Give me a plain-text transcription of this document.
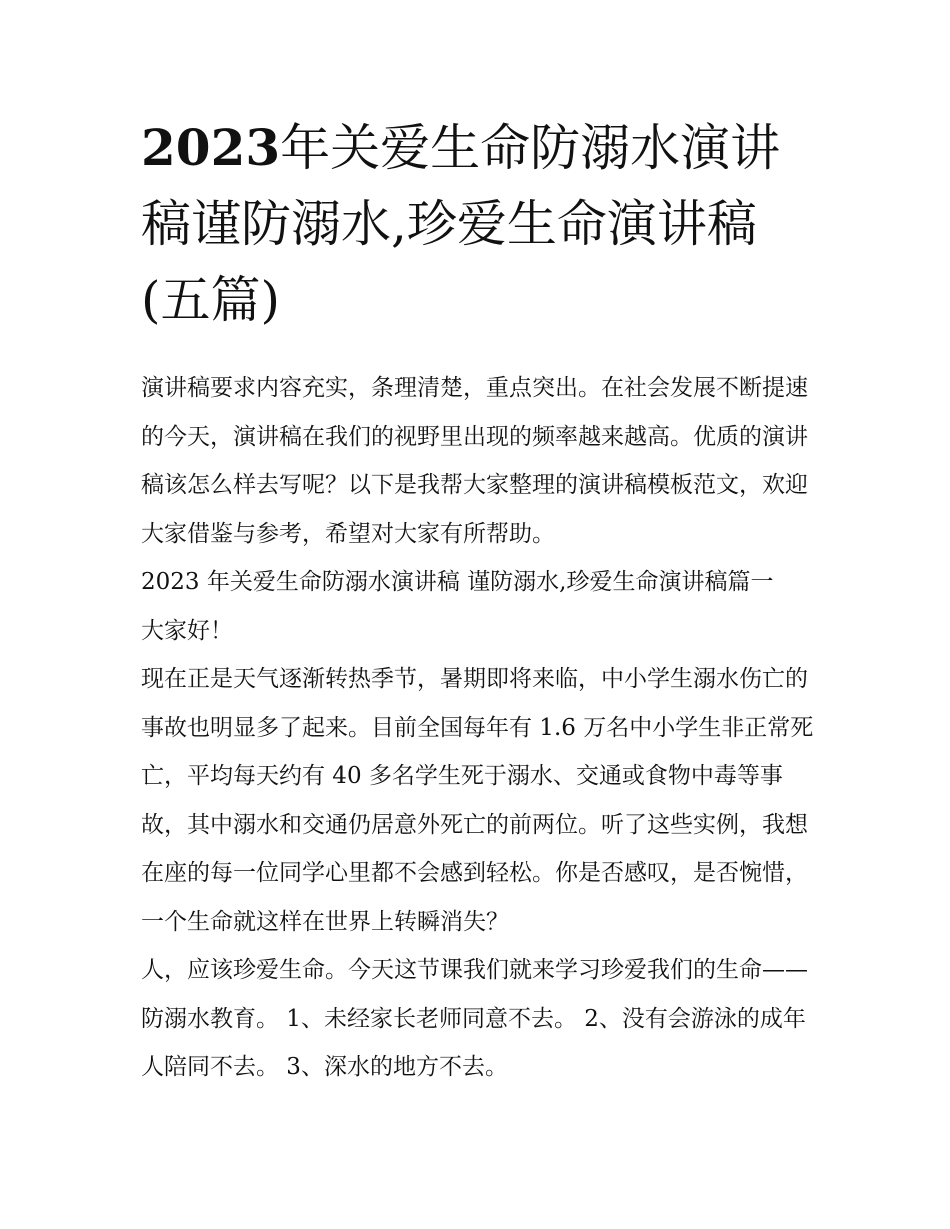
2023年关爱生命防溺水演讲稿谨防溺水,珍爱生命演讲稿(五篇)

演讲稿要求内容充实，条理清楚，重点突出。在社会发展不断提速的今天，演讲稿在我们的视野里出现的频率越来越高。优质的演讲稿该怎么样去写呢？以下是我帮大家整理的演讲稿模板范文，欢迎大家借鉴与参考，希望对大家有所帮助。

2023 年关爱生命防溺水演讲稿 谨防溺水,珍爱生命演讲稿篇一

大家好！

现在正是天气逐渐转热季节，暑期即将来临，中小学生溺水伤亡的事故也明显多了起来。目前全国每年有 1.6 万名中小学生非正常死亡，平均每天约有 40 多名学生死于溺水、交通或食物中毒等事故，其中溺水和交通仍居意外死亡的前两位。听了这些实例，我想在座的每一位同学心里都不会感到轻松。你是否感叹，是否惋惜，一个生命就这样在世界上转瞬消失？

人，应该珍爱生命。今天这节课我们就来学习珍爱我们的生命——防溺水教育。 1、未经家长老师同意不去。 2、没有会游泳的成年人陪同不去。 3、深水的地方不去。
